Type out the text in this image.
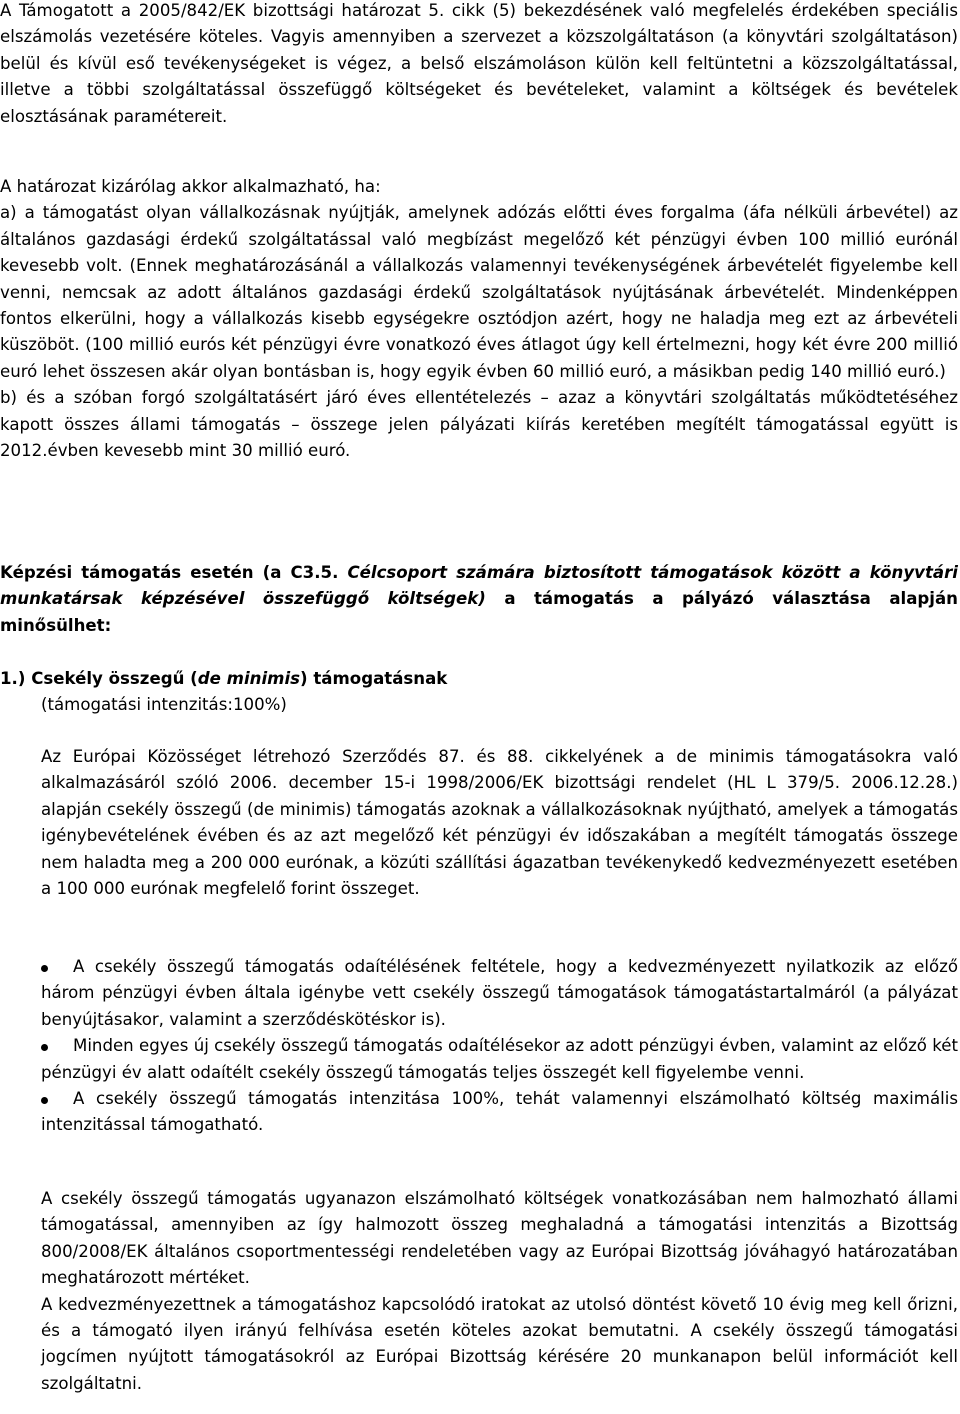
A Támogatott a 2005/842/EK bizottsági határozat 5. cikk (5) bekezdésének való megfelelés érdekében speciális elszámolás vezetésére köteles. Vagyis amennyiben a szervezet a közszolgáltatáson (a könyvtári szolgáltatáson) belül és kívül eső tevékenységeket is végez, a belső elszámoláson külön kell feltüntetni a közszolgáltatással, illetve a többi szolgáltatással összefüggő költségeket és bevételeket, valamint a költségek és bevételek elosztásának paramétereit.

A határozat kizárólag akkor alkalmazható, ha:

a) a támogatást olyan vállalkozásnak nyújtják, amelynek adózás előtti éves forgalma (áfa nélküli árbevétel) az általános gazdasági érdekű szolgáltatással való megbízást megelőző két pénzügyi évben 100 millió eurónál kevesebb volt. (Ennek meghatározásánál a vállalkozás valamennyi tevékenységének árbevételét figyelembe kell venni, nemcsak az adott általános gazdasági érdekű szolgáltatások nyújtásának árbevételét. Mindenképpen fontos elkerülni, hogy a vállalkozás kisebb egységekre osztódjon azért, hogy ne haladja meg ezt az árbevételi küszöböt. (100 millió eurós két pénzügyi évre vonatkozó éves átlagot úgy kell értelmezni, hogy két évre 200 millió euró lehet összesen akár olyan bontásban is, hogy egyik évben 60 millió euró, a másikban pedig 140 millió euró.)

b) és a szóban forgó szolgáltatásért járó éves ellentételezés – azaz a könyvtári szolgáltatás működtetéséhez kapott összes állami támogatás – összege jelen pályázati kiírás keretében megítélt támogatással együtt is 2012.évben kevesebb mint 30 millió euró.

Képzési támogatás esetén (a C3.5. Célcsoport számára biztosított támogatások között a könyvtári munkatársak képzésével összefüggő költségek) a támogatás a pályázó választása alapján minősülhet:

1.) Csekély összegű (de minimis) támogatásnak

(támogatási intenzitás:100%)

Az Európai Közösséget létrehozó Szerződés 87. és 88. cikkelyének a de minimis támogatásokra való alkalmazásáról szóló 2006. december 15-i 1998/2006/EK bizottsági rendelet (HL L 379/5. 2006.12.28.) alapján csekély összegű (de minimis) támogatás azoknak a vállalkozásoknak nyújtható, amelyek a támogatás igénybevételének évében és az azt megelőző két pénzügyi év időszakában a megítélt támogatás összege nem haladta meg a 200 000 eurónak, a közúti szállítási ágazatban tevékenykedő kedvezményezett esetében a 100 000 eurónak megfelelő forint összeget.

A csekély összegű támogatás odaítélésének feltétele, hogy a kedvezményezett nyilatkozik az előző három pénzügyi évben általa igénybe vett csekély összegű támogatások támogatástartalmáról (a pályázat benyújtásakor, valamint a szerződéskötéskor is).
Minden egyes új csekély összegű támogatás odaítélésekor az adott pénzügyi évben, valamint az előző két pénzügyi év alatt odaítélt csekély összegű támogatás teljes összegét kell figyelembe venni.
A csekély összegű támogatás intenzitása 100%, tehát valamennyi elszámolható költség maximális intenzitással támogatható.

A csekély összegű támogatás ugyanazon elszámolható költségek vonatkozásában nem halmozható állami támogatással, amennyiben az így halmozott összeg meghaladná a támogatási intenzitás a Bizottság 800/2008/EK általános csoportmentességi rendeletében vagy az Európai Bizottság jóváhagyó határozatában meghatározott mértéket.

A kedvezményezettnek a támogatáshoz kapcsolódó iratokat az utolsó döntést követő 10 évig meg kell őrizni, és a támogató ilyen irányú felhívása esetén köteles azokat bemutatni. A csekély összegű támogatási jogcímen nyújtott támogatásokról az Európai Bizottság kérésére 20 munkanapon belül információt kell szolgáltatni.
